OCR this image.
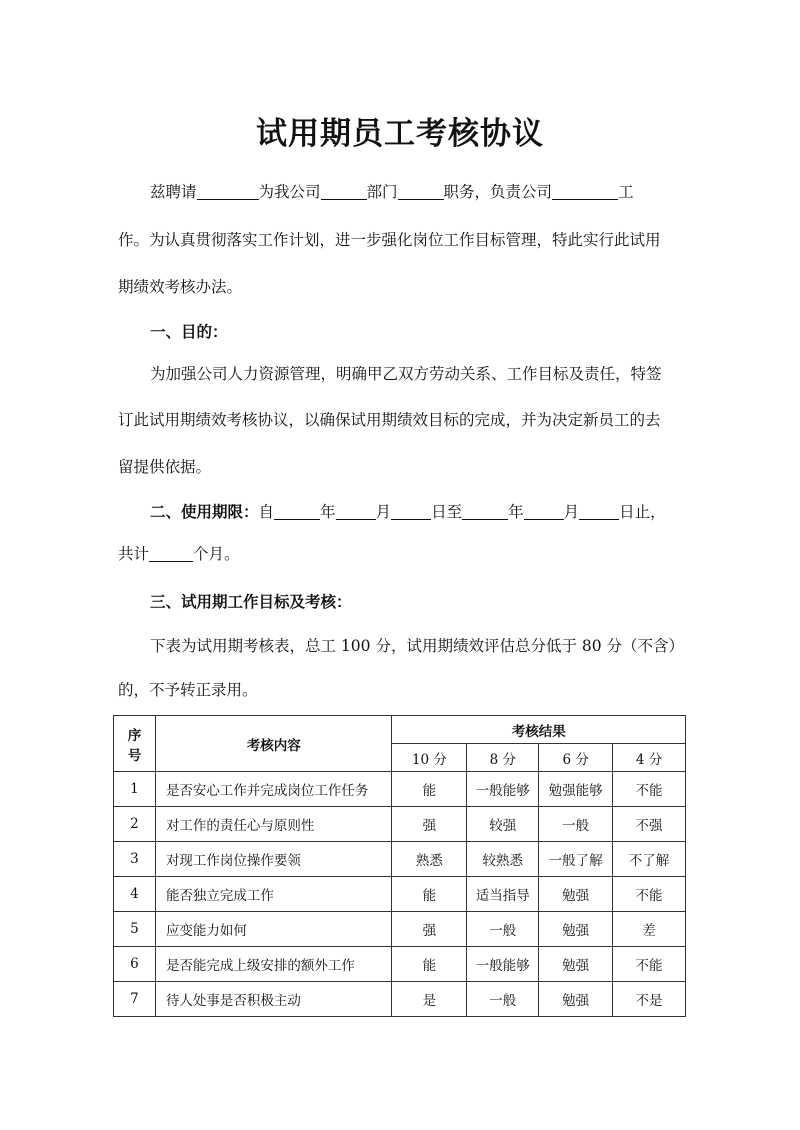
试用期员工考核协议
兹聘请	为我公司	部门	职务，负责公司	工
作。为认真贯彻落实工作计划，进一步强化岗位工作目标管理，特此实行此试用
期绩效考核办法。
一、目的：
为加强公司人力资源管理，明确甲乙双方劳动关系、工作目标及责任，特签
订此试用期绩效考核协议，以确保试用期绩效目标的完成，并为决定新员工的去
留提供依据。
二、使用期限：自	年	月	日至	年	月	日止，
共计	个月。
三、试用期工作目标及考核：
下表为试用期考核表，总工 100 分，试用期绩效评估总分低于 80 分（不含）
的，不予转正录用。
序
号	考核内容	考核结果			
		10 分	8 分	6 分	4 分
1	是否安心工作并完成岗位工作任务	能	一般能够	勉强能够	不能
2	对工作的责任心与原则性	强	较强	一般	不强
3	对现工作岗位操作要领	熟悉	较熟悉	一般了解	不了解
4	能否独立完成工作	能	适当指导	勉强	不能
5	应变能力如何	强	一般	勉强	差
6	是否能完成上级安排的额外工作	能	一般能够	勉强	不能
7	待人处事是否积极主动	是	一般	勉强	不是
